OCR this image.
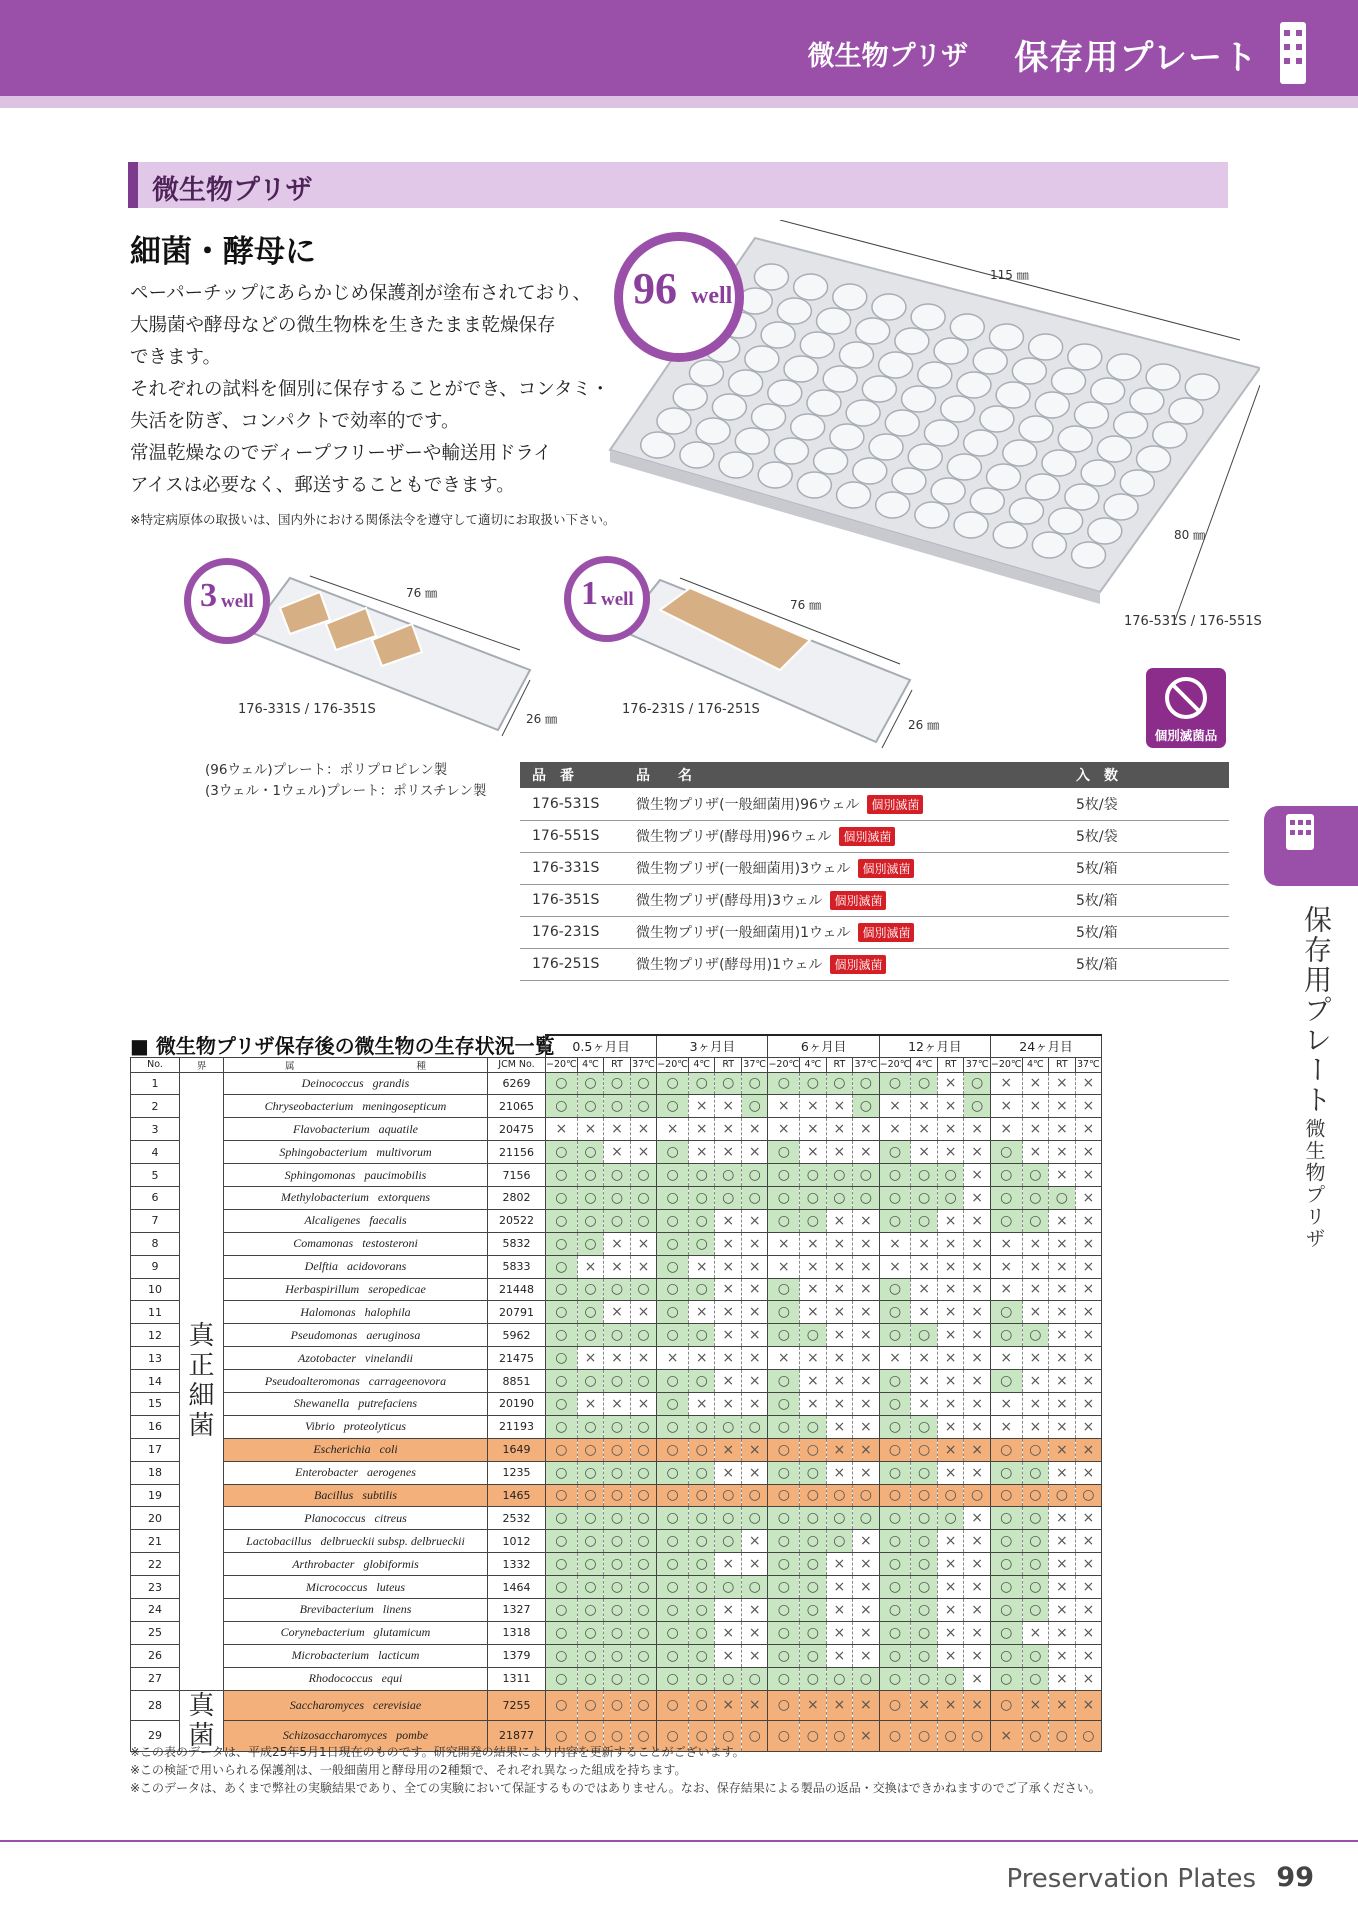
微生物プリザ 保存用プレート
微生物プリザ
細菌・酵母に

ペーパーチップにあらかじめ保護剤が塗布されており、

大腸菌や酵母などの微生物株を生きたまま乾燥保存

できます。

それぞれの試料を個別に保存することができ、コンタミ・

失活を防ぎ、コンパクトで効率的です。

常温乾燥なのでディープフリーザーや輸送用ドライ

アイスは必要なく、郵送することもできます。

※特定病原体の取扱いは、国内外における関係法令を遵守して適切にお取扱い下さい。
96 well
115 ㎜
80 ㎜
176-531S / 176-551S
3 well	76 ㎜
26 ㎜
176-331S / 176-351S
1 well	76 ㎜
26 ㎜
176-231S / 176-251S
個別滅菌品
(96ウェル)プレート：ポリプロピレン製
(3ウェル・1ウェル)プレート：ポリスチレン製
品　番	品　　名	入　数
176-531S	微生物プリザ(一般細菌用)96ウェル 個別滅菌	5枚/袋
176-551S	微生物プリザ(酵母用)96ウェル 個別滅菌	5枚/袋
176-331S	微生物プリザ(一般細菌用)3ウェル 個別滅菌	5枚/箱
176-351S	微生物プリザ(酵母用)3ウェル 個別滅菌	5枚/箱
176-231S	微生物プリザ(一般細菌用)1ウェル 個別滅菌	5枚/箱
176-251S	微生物プリザ(酵母用)1ウェル 個別滅菌	5枚/箱
■ 微生物プリザ保存後の微生物の生存状況一覧
				0.5ヶ月目				3ヶ月目				6ヶ月目				12ヶ月目				24ヶ月目			
No.	界	属 種	JCM No.	−20℃	4℃	RT	37℃	−20℃	4℃	RT	37℃	−20℃	4℃	RT	37℃	−20℃	4℃	RT	37℃	−20℃	4℃	RT	37℃
1	真正細菌	Deinococcus grandis	6269	○	○	○	○	○	○	○	○	○	○	○	○	○	○	×	○	×	×	×	×
2		Chryseobacterium meningosepticum	21065	○	○	○	○	○	×	×	○	×	×	×	○	×	×	×	○	×	×	×	×
3		Flavobacterium aquatile	20475	×	×	×	×	×	×	×	×	×	×	×	×	×	×	×	×	×	×	×	×
4		Sphingobacterium multivorum	21156	○	○	×	×	○	×	×	×	○	×	×	×	○	×	×	×	○	×	×	×
5		Sphingomonas paucimobilis	7156	○	○	○	○	○	○	○	○	○	○	○	○	○	○	○	×	○	○	×	×
6		Methylobacterium extorquens	2802	○	○	○	○	○	○	○	○	○	○	○	○	○	○	○	×	○	○	○	×
7		Alcaligenes faecalis	20522	○	○	○	○	○	○	×	×	○	○	×	×	○	○	×	×	○	○	×	×
8		Comamonas testosteroni	5832	○	○	×	×	○	○	×	×	×	×	×	×	×	×	×	×	×	×	×	×
9		Delftia acidovorans	5833	○	×	×	×	○	×	×	×	×	×	×	×	×	×	×	×	×	×	×	×
10		Herbaspirillum seropedicae	21448	○	○	○	○	○	○	×	×	○	×	×	×	○	×	×	×	×	×	×	×
11		Halomonas halophila	20791	○	○	×	×	○	×	×	×	○	×	×	×	○	×	×	×	○	×	×	×
12		Pseudomonas aeruginosa	5962	○	○	○	○	○	○	×	×	○	○	×	×	○	○	×	×	○	○	×	×
13		Azotobacter vinelandii	21475	○	×	×	×	×	×	×	×	×	×	×	×	×	×	×	×	×	×	×	×
14		Pseudoalteromonas carrageenovora	8851	○	○	○	○	○	○	×	×	○	×	×	×	○	×	×	×	○	×	×	×
15		Shewanella putrefaciens	20190	○	×	×	×	○	×	×	×	○	×	×	×	○	×	×	×	×	×	×	×
16		Vibrio proteolyticus	21193	○	○	○	○	○	○	○	○	○	○	×	×	○	○	×	×	×	×	×	×
17		Escherichia coli	1649	○	○	○	○	○	○	×	×	○	○	×	×	○	○	×	×	○	○	×	×
18		Enterobacter aerogenes	1235	○	○	○	○	○	○	×	×	○	○	×	×	○	○	×	×	○	○	×	×
19		Bacillus subtilis	1465	○	○	○	○	○	○	○	○	○	○	○	○	○	○	○	○	○	○	○	○
20		Planococcus citreus	2532	○	○	○	○	○	○	○	○	○	○	○	○	○	○	○	×	○	○	×	×
21		Lactobacillus delbrueckii subsp. delbrueckii	1012	○	○	○	○	○	○	○	×	○	○	○	×	○	○	×	×	○	○	×	×
22		Arthrobacter globiformis	1332	○	○	○	○	○	○	×	×	○	○	×	×	○	○	×	×	○	○	×	×
23		Micrococcus luteus	1464	○	○	○	○	○	○	○	○	○	○	×	×	○	○	×	×	○	○	×	×
24		Brevibacterium linens	1327	○	○	○	○	○	○	×	×	○	○	×	×	○	○	×	×	○	○	×	×
25		Corynebacterium glutamicum	1318	○	○	○	○	○	○	×	×	○	○	×	×	○	○	×	×	○	×	×	×
26		Microbacterium lacticum	1379	○	○	○	○	○	○	×	×	○	○	×	×	○	○	×	×	○	○	×	×
27		Rhodococcus equi	1311	○	○	○	○	○	○	○	○	○	○	○	○	○	○	○	×	○	○	×	×
28	真菌	Saccharomyces cerevisiae	7255	○	○	○	○	○	○	×	×	○	×	×	×	○	×	×	×	○	×	×	×
29		Schizosaccharomyces pombe	21877	○	○	○	○	○	○	○	○	○	○	○	×	○	○	○	○	×	○	○	○
※この表のデータは、平成25年5月1日現在のものです。研究開発の結果により内容を更新することがございます。
※この検証で用いられる保護剤は、一般細菌用と酵母用の2種類で、それぞれ異なった組成を持ちます。
※このデータは、あくまで弊社の実験結果であり、全ての実験において保証するものではありません。なお、保存結果による製品の返品・交換はできかねますのでご了承ください。
保存用プレート
微生物プリザ
Preservation Plates 99
